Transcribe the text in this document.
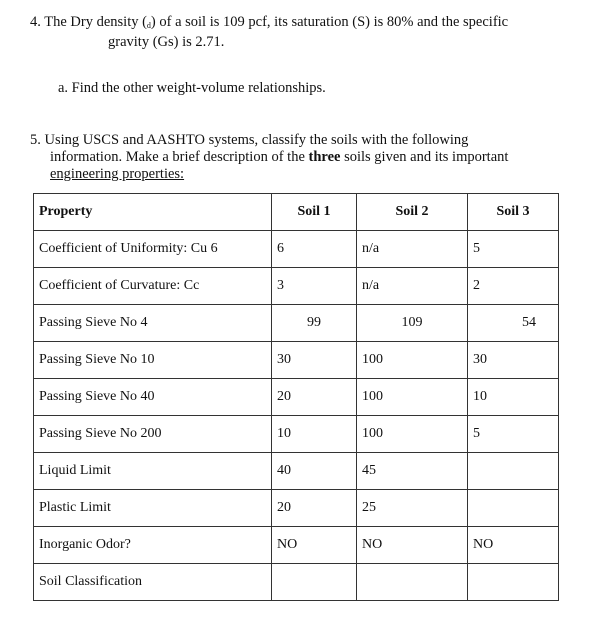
4. The Dry density $(_d)$ of a soil is 109 pcf, its saturation (S) is 80% and the specific
gravity (Gs) is 2.71.
a. Find the other weight-volume relationships.
5. Using USCS and AASHTO systems, classify the soils with the following
information. Make a brief description of the three soils given and its important
engineering properties:
Property	Soil 1	Soil 2	Soil 3
Coefficient of Uniformity: Cu 6	6	n/a	5
Coefficient of Curvature: Cc	3	n/a	2
Passing Sieve No 4	99	109	54
Passing Sieve No 10	30	100	30
Passing Sieve No 40	20	100	10
Passing Sieve No 200	10	100	5
Liquid Limit	40	45	
Plastic Limit	20	25	
Inorganic Odor?	NO	NO	NO
Soil Classification			
